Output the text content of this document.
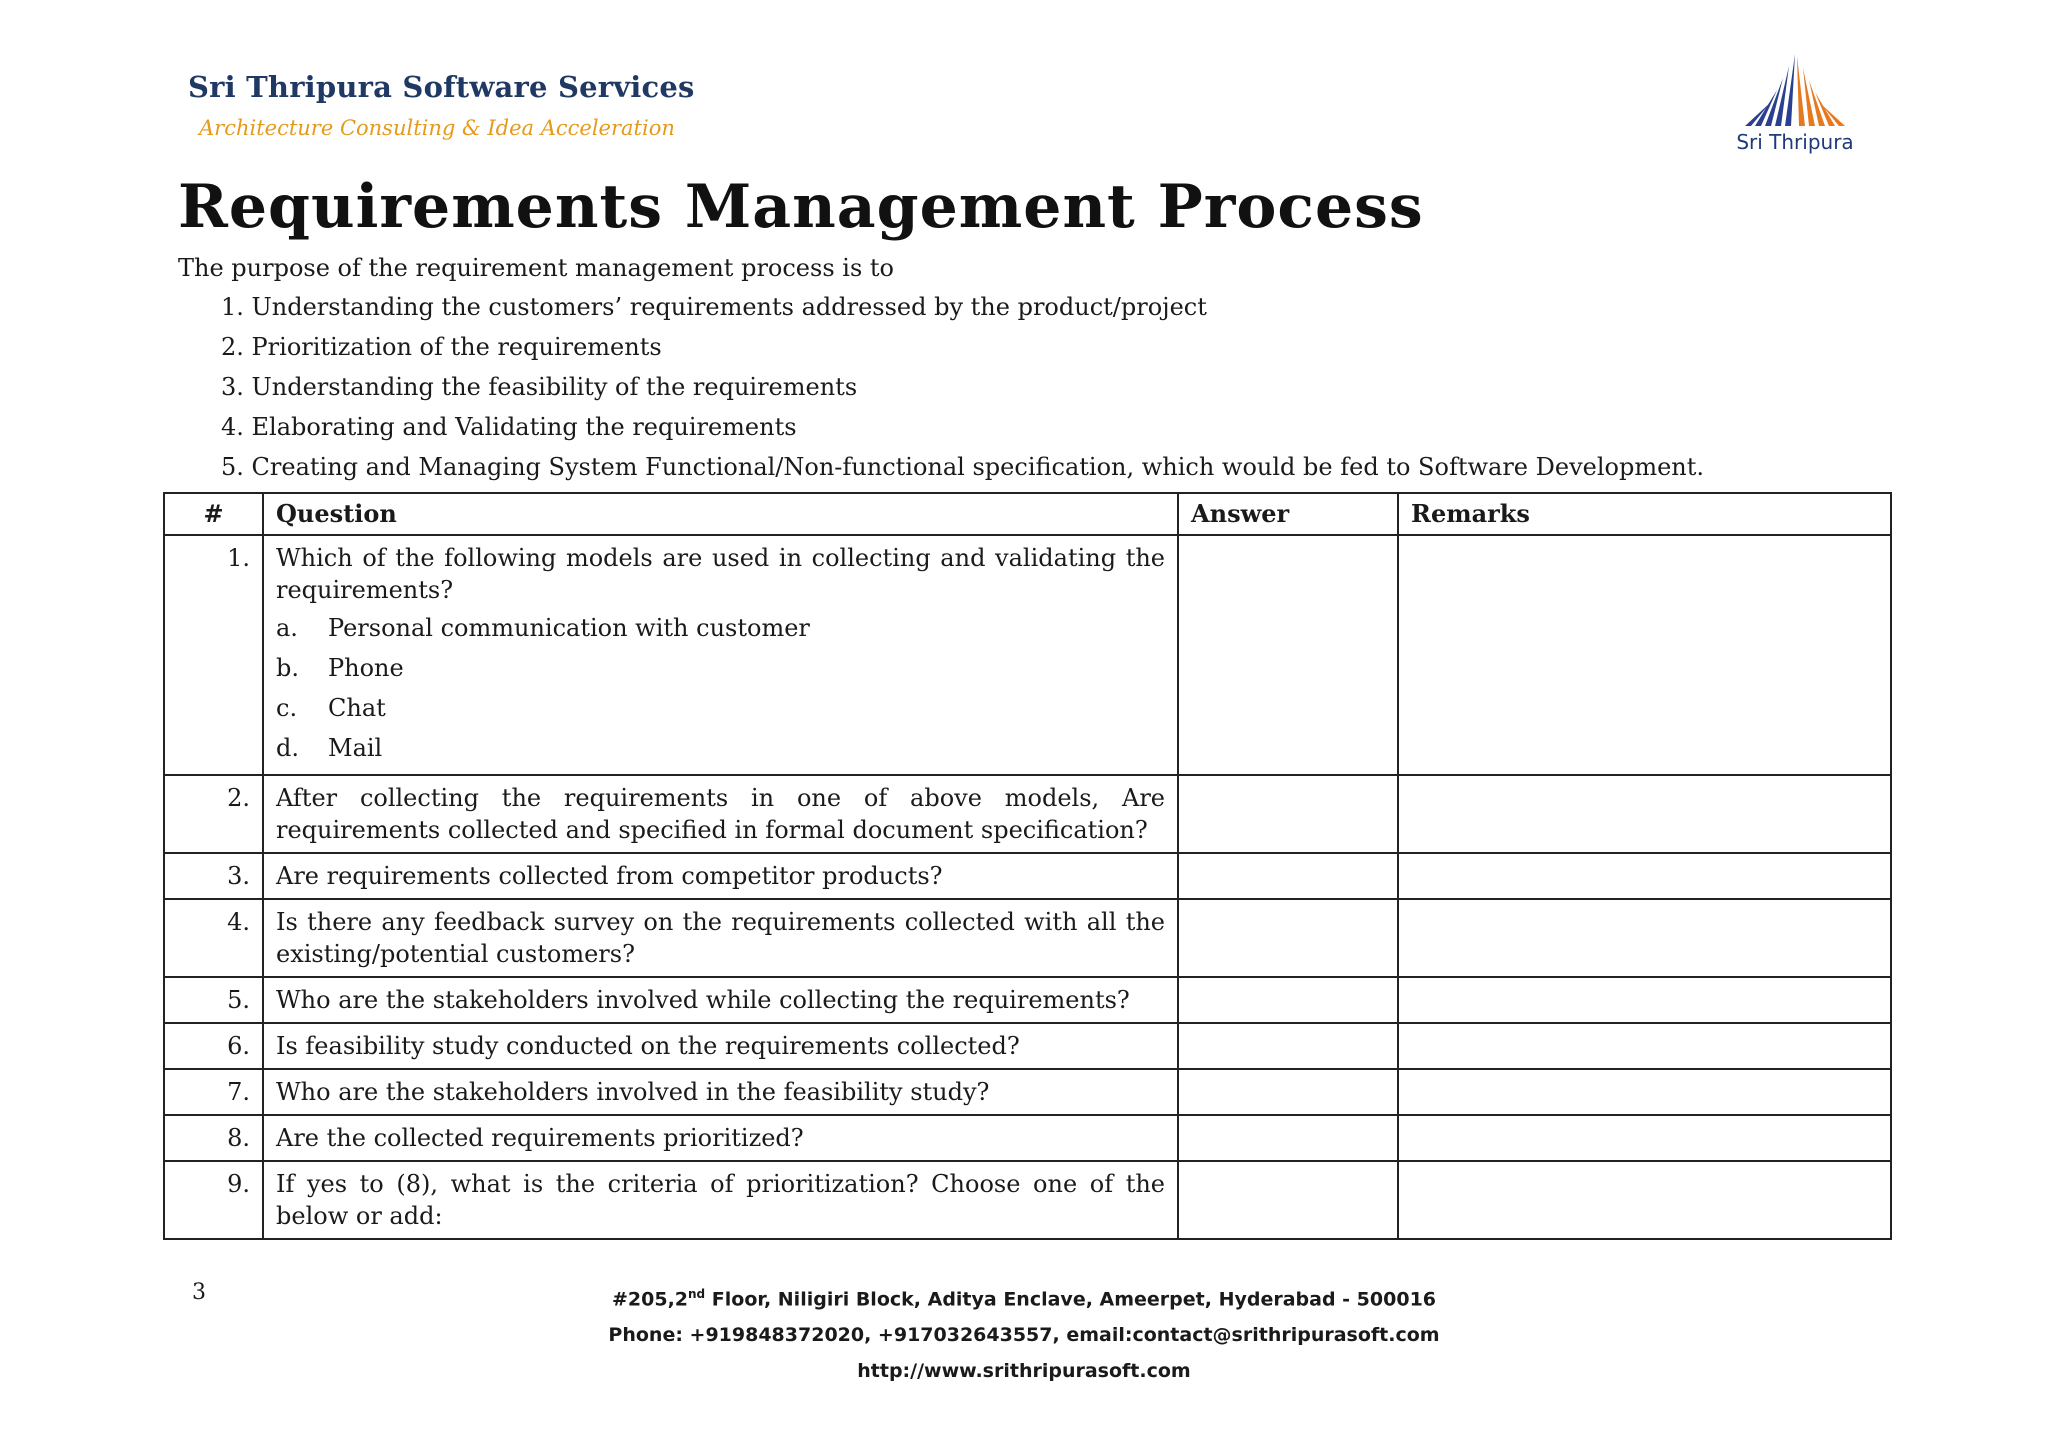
Sri Thripura Software Services
Architecture Consulting & Idea Acceleration
Sri Thripura
Requirements Management Process
The purpose of the requirement management process is to
1. Understanding the customers’ requirements addressed by the product/project
2. Prioritization of the requirements
3. Understanding the feasibility of the requirements
4. Elaborating and Validating the requirements
5. Creating and Managing System Functional/Non-functional specification, which would be fed to Software Development.
#	Question	Answer	Remarks
1.	Which of the following models are used in collecting and validating the requirements?
a. Personal communication with customer
b. Phone
c. Chat
d. Mail		

2.	After collecting the requirements in one of above models, Are requirements collected and specified in formal document specification?		
3.	Are requirements collected from competitor products?		
4.	Is there any feedback survey on the requirements collected with all the existing/potential customers?		
5.	Who are the stakeholders involved while collecting the requirements?		
6.	Is feasibility study conducted on the requirements collected?		
7.	Who are the stakeholders involved in the feasibility study?		
8.	Are the collected requirements prioritized?		
9.	If yes to (8), what is the criteria of prioritization? Choose one of the below or add:		
3	#205,2nd Floor, Niligiri Block, Aditya Enclave, Ameerpet, Hyderabad - 500016
Phone: +919848372020, +917032643557, email:contact@srithripurasoft.com
http://www.srithripurasoft.com
